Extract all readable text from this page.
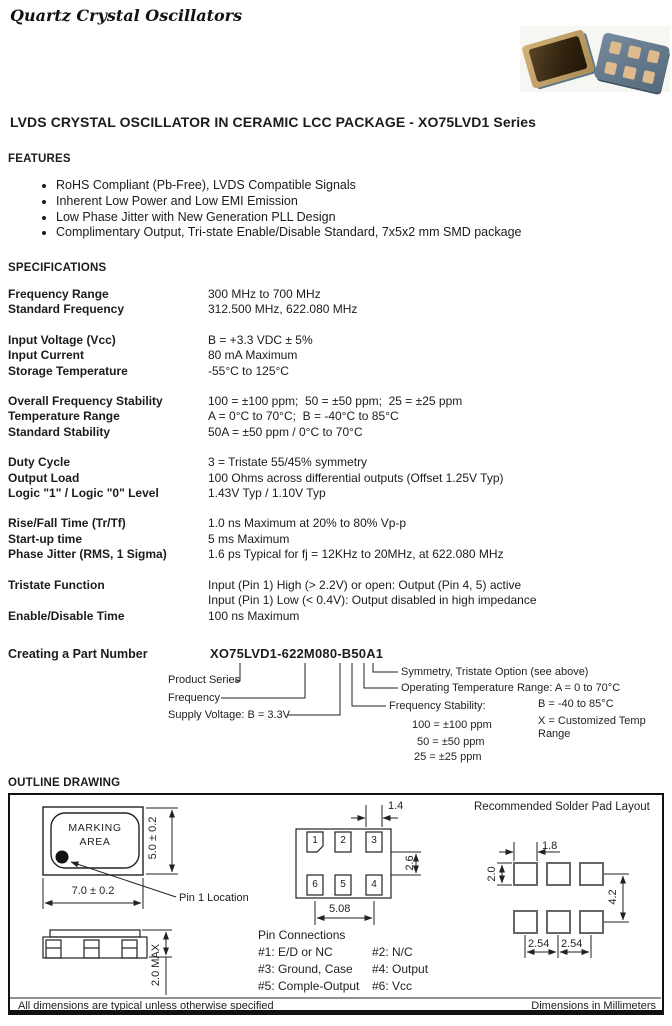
Quartz Crystal Oscillators
LVDS CRYSTAL OSCILLATOR IN CERAMIC LCC PACKAGE - XO75LVD1 Series
FEATURES
• RoHS Compliant (Pb-Free), LVDS Compatible Signals
• Inherent Low Power and Low EMI Emission
• Low Phase Jitter with New Generation PLL Design
• Complimentary Output, Tri-state Enable/Disable Standard, 7x5x2 mm SMD package
SPECIFICATIONS
Frequency Range	300 MHz to 700 MHz
Standard Frequency	312.500 MHz, 622.080 MHz
Input Voltage (Vcc)	B = +3.3 VDC ± 5%
Input Current	80 mA Maximum
Storage Temperature	-55°C to 125°C
Overall Frequency Stability	100 = ±100 ppm;  50 = ±50 ppm;  25 = ±25 ppm
Temperature Range	A = 0°C to 70°C;  B = -40°C to 85°C
Standard Stability	50A = ±50 ppm / 0°C to 70°C
Duty Cycle	3 = Tristate 55/45% symmetry
Output Load	100 Ohms across differential outputs (Offset 1.25V Typ)
Logic "1" / Logic "0" Level	1.43V Typ / 1.10V Typ
Rise/Fall Time (Tr/Tf)	1.0 ns Maximum at 20% to 80% Vp-p
Start-up time	5 ms Maximum
Phase Jitter (RMS, 1 Sigma)	1.6 ps Typical for fj = 12KHz to 20MHz, at 622.080 MHz
Tristate Function	Input (Pin 1) High (> 2.2V) or open: Output (Pin 4, 5) active
Input (Pin 1) Low (< 0.4V): Output disabled in high impedance
Enable/Disable Time	100 ns Maximum
Creating a Part Number	XO75LVD1-622M080-B50A1
Product Series
Frequency
Supply Voltage: B = 3.3V
Symmetry, Tristate Option (see above)
Operating Temperature Range: A = 0 to 70°C
B = -40 to 85°C
X = Customized Temp Range
Frequency Stability:
100 = ±100 ppm
50 = ±50 ppm
25 = ±25 ppm
OUTLINE DRAWING
MARKING
AREA	5.0 ± 0.2
7.0 ± 0.2
Pin 1 Location
2.0 MAX
1	2	3
6	5	4
1.4
2.6
5.08
Recommended Solder Pad Layout
1.8
2.0
4.2
2.54 2.54
Pin Connections
#1: E/D or NC	#2: N/C
#3: Ground, Case #4: Output
#5: Comple-Output #6: Vcc
All dimensions are typical unless otherwise specified	Dimensions in Millimeters
